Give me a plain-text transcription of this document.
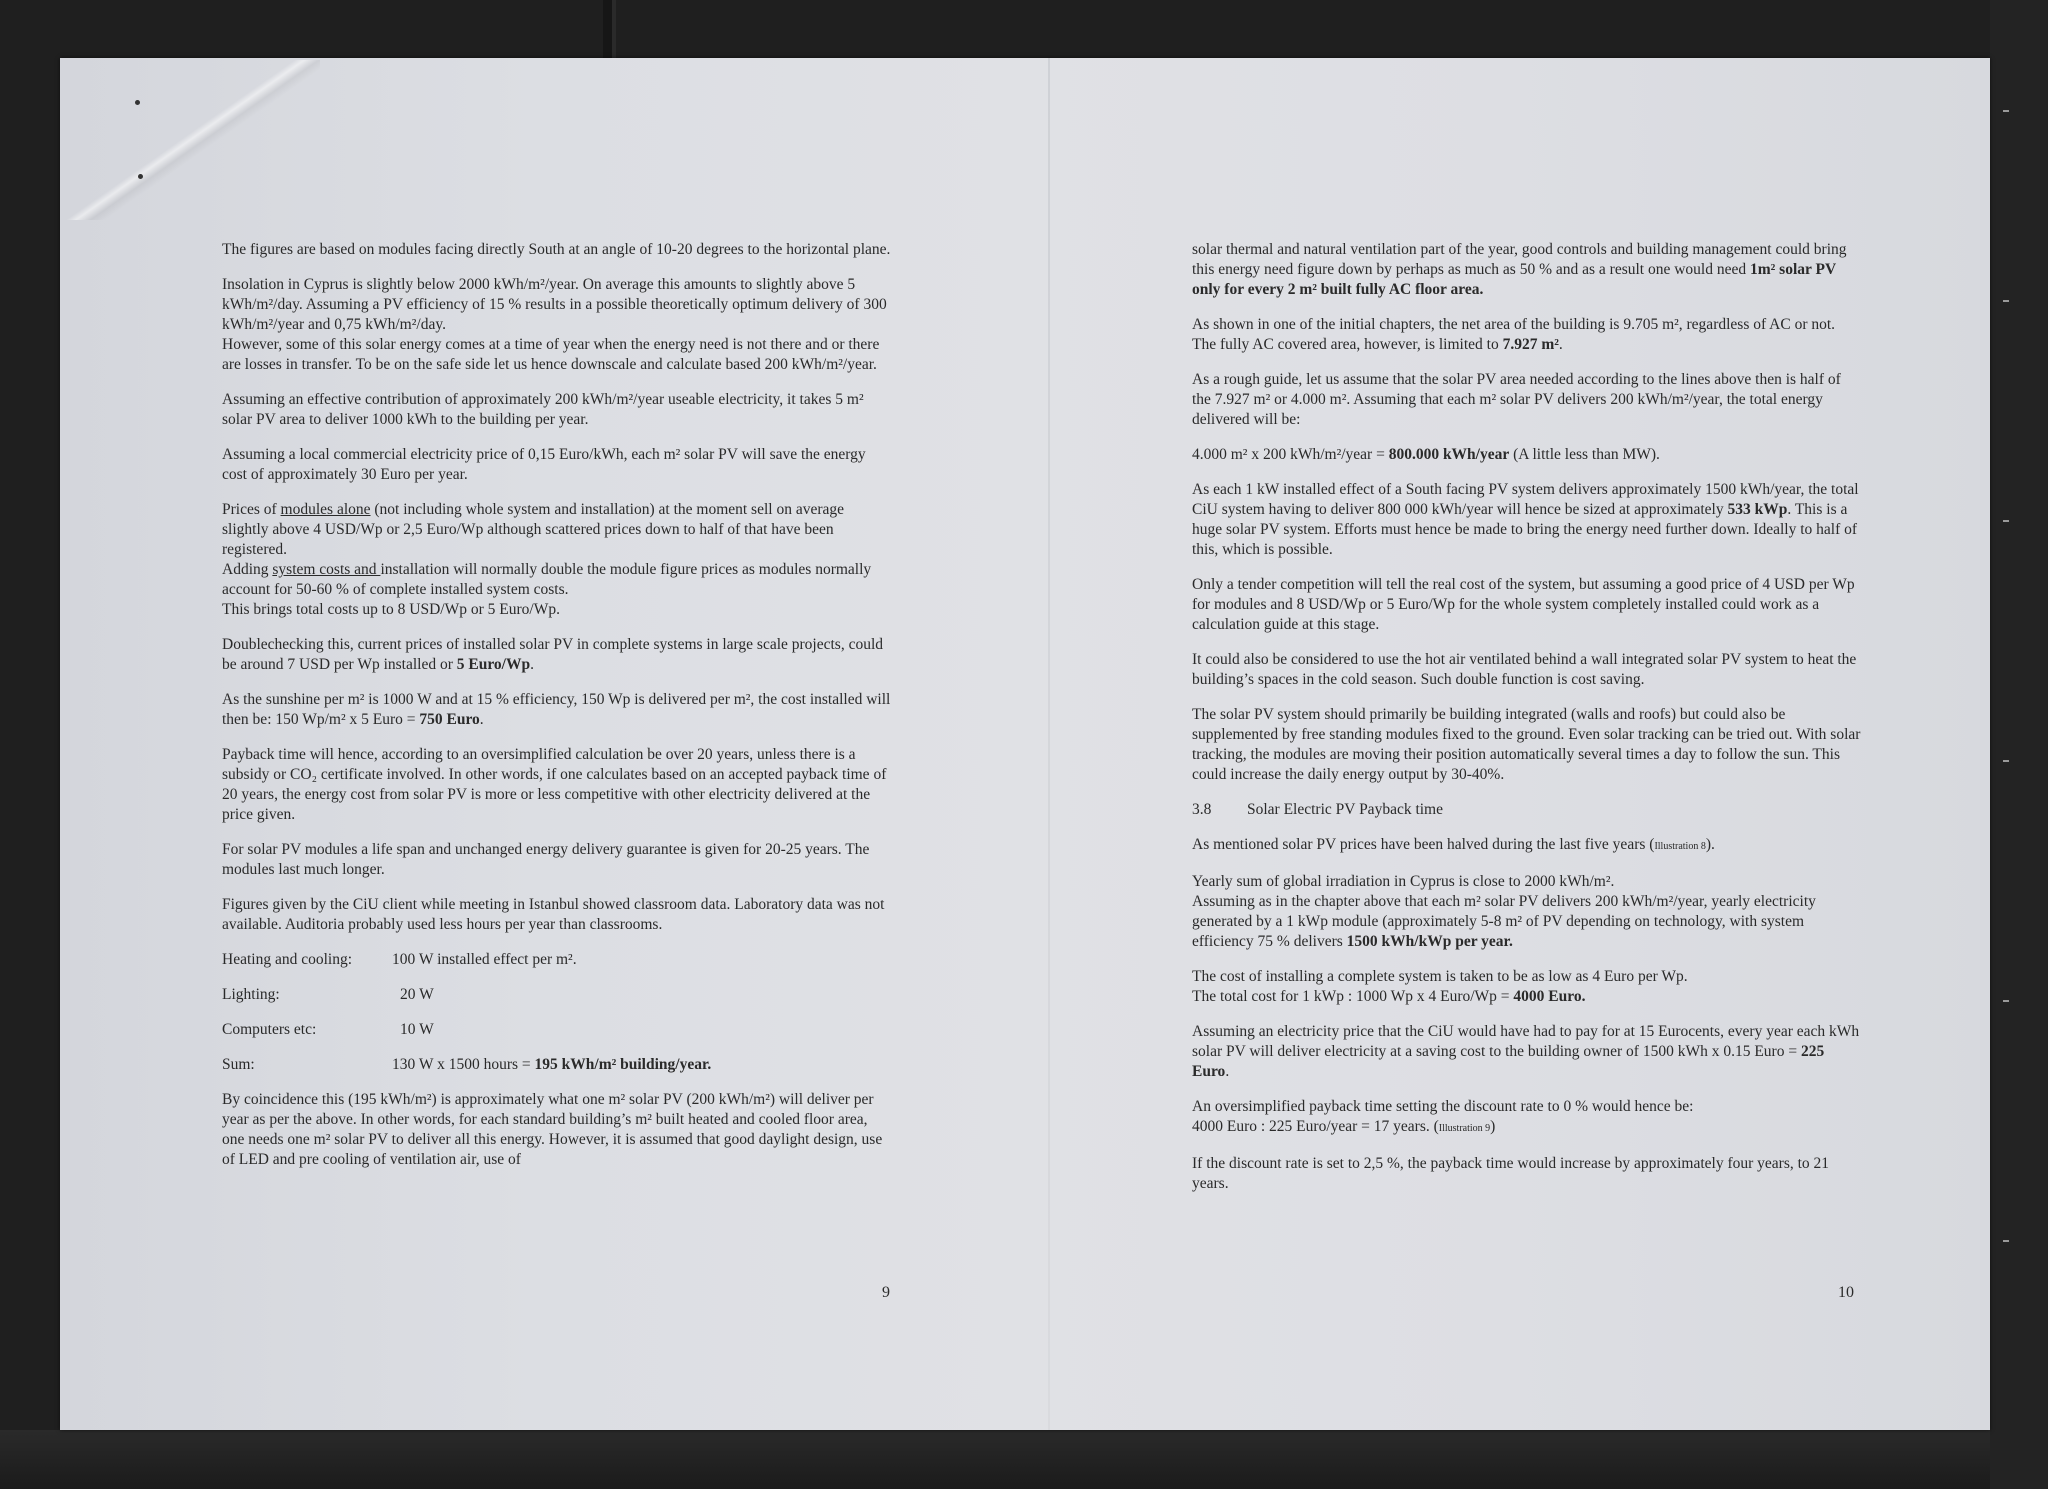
The figures are based on modules facing directly South at an angle of 10-20 degrees to the horizontal plane.

Insolation in Cyprus is slightly below 2000 kWh/m²/year. On average this amounts to slightly above 5 kWh/m²/day. Assuming a PV efficiency of 15 % results in a possible theoretically optimum delivery of 300 kWh/m²/year and 0,75 kWh/m²/day.
However, some of this solar energy comes at a time of year when the energy need is not there and or there are losses in transfer. To be on the safe side let us hence downscale and calculate based 200 kWh/m²/year.

Assuming an effective contribution of approximately 200 kWh/m²/year useable electricity, it takes 5 m² solar PV area to deliver 1000 kWh to the building per year.

Assuming a local commercial electricity price of 0,15 Euro/kWh, each m² solar PV will save the energy cost of approximately 30 Euro per year.

Prices of modules alone (not including whole system and installation) at the moment sell on average slightly above 4 USD/Wp or 2,5 Euro/Wp although scattered prices down to half of that have been registered.
Adding system costs and installation will normally double the module figure prices as modules normally account for 50-60 % of complete installed system costs.
This brings total costs up to 8 USD/Wp or 5 Euro/Wp.

Doublechecking this, current prices of installed solar PV in complete systems in large scale projects, could be around 7 USD per Wp installed or 5 Euro/Wp.

As the sunshine per m² is 1000 W and at 15 % efficiency, 150 Wp is delivered per m², the cost installed will then be: 150 Wp/m² x 5 Euro = 750 Euro.

Payback time will hence, according to an oversimplified calculation be over 20 years, unless there is a subsidy or CO₂ certificate involved. In other words, if one calculates based on an accepted payback time of 20 years, the energy cost from solar PV is more or less competitive with other electricity delivered at the price given.

For solar PV modules a life span and unchanged energy delivery guarantee is given for 20-25 years. The modules last much longer.

Figures given by the CiU client while meeting in Istanbul showed classroom data. Laboratory data was not available. Auditoria probably used less hours per year than classrooms.

Heating and cooling:	100 W installed effect per m².
Lighting:	20 W
Computers etc:	10 W
Sum:	130 W x 1500 hours = 195 kWh/m² building/year.

By coincidence this (195 kWh/m²) is approximately what one m² solar PV (200 kWh/m²) will deliver per year as per the above. In other words, for each standard building’s m² built heated and cooled floor area, one needs one m² solar PV to deliver all this energy. However, it is assumed that good daylight design, use of LED and pre cooling of ventilation air, use of

9

solar thermal and natural ventilation part of the year, good controls and building management could bring this energy need figure down by perhaps as much as 50 % and as a result one would need 1m² solar PV only for every 2 m² built fully AC floor area.

As shown in one of the initial chapters, the net area of the building is 9.705 m², regardless of AC or not. The fully AC covered area, however, is limited to 7.927 m².

As a rough guide, let us assume that the solar PV area needed according to the lines above then is half of the 7.927 m² or 4.000 m². Assuming that each m² solar PV delivers 200 kWh/m²/year, the total energy delivered will be:

4.000 m² x 200 kWh/m²/year = 800.000 kWh/year (A little less than MW).

As each 1 kW installed effect of a South facing PV system delivers approximately 1500 kWh/year, the total CiU system having to deliver 800 000 kWh/year will hence be sized at approximately 533 kWp. This is a huge solar PV system. Efforts must hence be made to bring the energy need further down. Ideally to half of this, which is possible.

Only a tender competition will tell the real cost of the system, but assuming a good price of 4 USD per Wp for modules and 8 USD/Wp or 5 Euro/Wp for the whole system completely installed could work as a calculation guide at this stage.

It could also be considered to use the hot air ventilated behind a wall integrated solar PV system to heat the building’s spaces in the cold season. Such double function is cost saving.

The solar PV system should primarily be building integrated (walls and roofs) but could also be supplemented by free standing modules fixed to the ground. Even solar tracking can be tried out. With solar tracking, the modules are moving their position automatically several times a day to follow the sun. This could increase the daily energy output by 30-40%.

3.8	Solar Electric PV Payback time

As mentioned solar PV prices have been halved during the last five years (Illustration 8).

Yearly sum of global irradiation in Cyprus is close to 2000 kWh/m².
Assuming as in the chapter above that each m² solar PV delivers 200 kWh/m²/year, yearly electricity generated by a 1 kWp module (approximately 5-8 m² of PV depending on technology, with system efficiency 75 % delivers 1500 kWh/kWp per year.

The cost of installing a complete system is taken to be as low as 4 Euro per Wp.
The total cost for 1 kWp : 1000 Wp x 4 Euro/Wp = 4000 Euro.

Assuming an electricity price that the CiU would have had to pay for at 15 Eurocents, every year each kWh solar PV will deliver electricity at a saving cost to the building owner of 1500 kWh x 0.15 Euro = 225 Euro.

An oversimplified payback time setting the discount rate to 0 % would hence be:
4000 Euro : 225 Euro/year = 17 years. (Illustration 9)

If the discount rate is set to 2,5 %, the payback time would increase by approximately four years, to 21 years.

10
